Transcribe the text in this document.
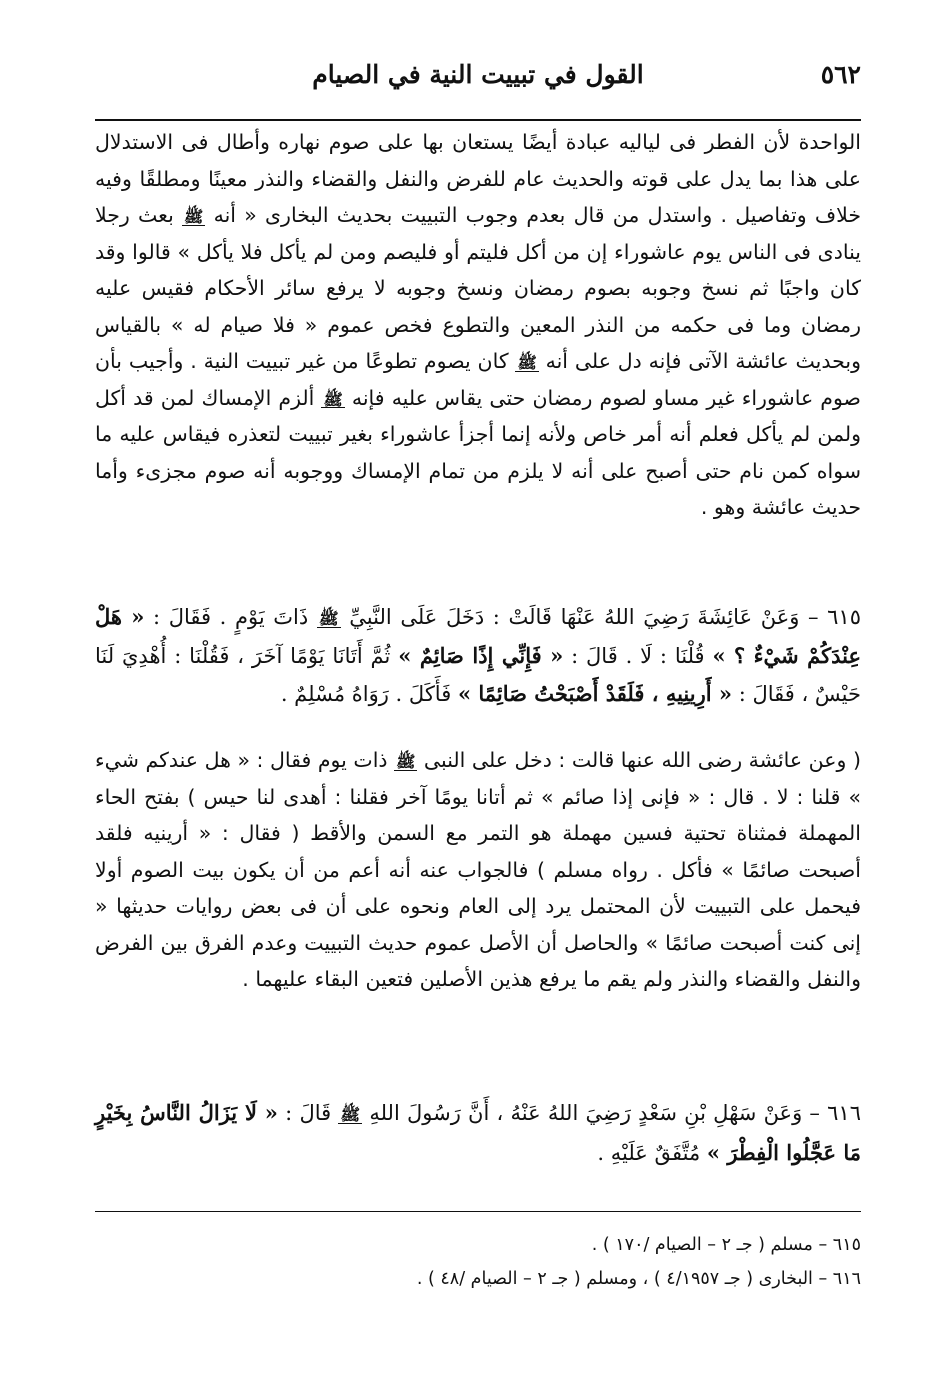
٥٦٢
القول في تبييت النية في الصيام

الواحدة لأن الفطر فى لياليه عبادة أيضًا يستعان بها على صوم نهاره وأطال فى الاستدلال على هذا بما يدل على قوته والحديث عام للفرض والنفل والقضاء والنذر معينًا ومطلقًا وفيه خلاف وتفاصيل . واستدل من قال بعدم وجوب التبييت بحديث البخارى « أنه ﷺ بعث رجلا ينادى فى الناس يوم عاشوراء إن من أكل فليتم أو فليصم ومن لم يأكل فلا يأكل » قالوا وقد كان واجبًا ثم نسخ وجوبه بصوم رمضان ونسخ وجوبه لا يرفع سائر الأحكام فقيس عليه رمضان وما فى حكمه من النذر المعين والتطوع فخص عموم « فلا صيام له » بالقياس وبحديث عائشة الآتى فإنه دل على أنه ﷺ كان يصوم تطوعًا من غير تبييت النية . وأجيب بأن صوم عاشوراء غير مساو لصوم رمضان حتى يقاس عليه فإنه ﷺ ألزم الإمساك لمن قد أكل ولمن لم يأكل فعلم أنه أمر خاص ولأنه إنما أجزأ عاشوراء بغير تبييت لتعذره فيقاس عليه ما سواه كمن نام حتى أصبح على أنه لا يلزم من تمام الإمساك ووجوبه أنه صوم مجزىء وأما حديث عائشة وهو .

٦١٥ – وَعَنْ عَائِشَةَ رَضِيَ اللهُ عَنْهَا قَالَتْ : دَخَلَ عَلَى النَّبِيِّ ﷺ ذَاتَ يَوْمٍ . فَقَالَ : « هَلْ عِنْدَكُمْ شَيْءٌ ؟ » قُلْنَا : لَا . قَالَ : « فَإِنِّي إِذًا صَائِمٌ » ثُمَّ أَتَانَا يَوْمًا آخَرَ ، فَقُلْنَا : أُهْدِيَ لَنَا حَيْسٌ ، فَقَالَ : « أَرِينِيهِ ، فَلَقَدْ أَصْبَحْتُ صَائِمًا » فَأَكَلَ . رَوَاهُ مُسْلِمٌ .

( وعن عائشة رضى الله عنها قالت : دخل على النبى ﷺ ذات يوم فقال : « هل عندكم شيء » قلنا : لا . قال : « فإنى إذا صائم » ثم أتانا يومًا آخر فقلنا : أهدى لنا حيس ) بفتح الحاء المهملة فمثناة تحتية فسين مهملة هو التمر مع السمن والأقط ( فقال : « أرينيه فلقد أصبحت صائمًا » فأكل . رواه مسلم ) فالجواب عنه أنه أعم من أن يكون بيت الصوم أولا فيحمل على التبييت لأن المحتمل يرد إلى العام ونحوه على أن فى بعض روايات حديثها « إنى كنت أصبحت صائمًا » والحاصل أن الأصل عموم حديث التبييت وعدم الفرق بين الفرض والنفل والقضاء والنذر ولم يقم ما يرفع هذين الأصلين فتعين البقاء عليهما .

٦١٦ – وَعَنْ سَهْلِ بْنِ سَعْدٍ رَضِيَ اللهُ عَنْهُ ، أَنَّ رَسُولَ اللهِ ﷺ قَالَ : « لَا يَزَالُ النَّاسُ بِخَيْرٍ مَا عَجَّلُوا الْفِطْرَ » مُتَّفَقٌ عَلَيْهِ .

٦١٥ – مسلم ( جـ ٢ – الصيام /١٧٠ ) .
٦١٦ – البخارى ( جـ ٤/١٩٥٧ ) ، ومسلم ( جـ ٢ – الصيام /٤٨ ) .
